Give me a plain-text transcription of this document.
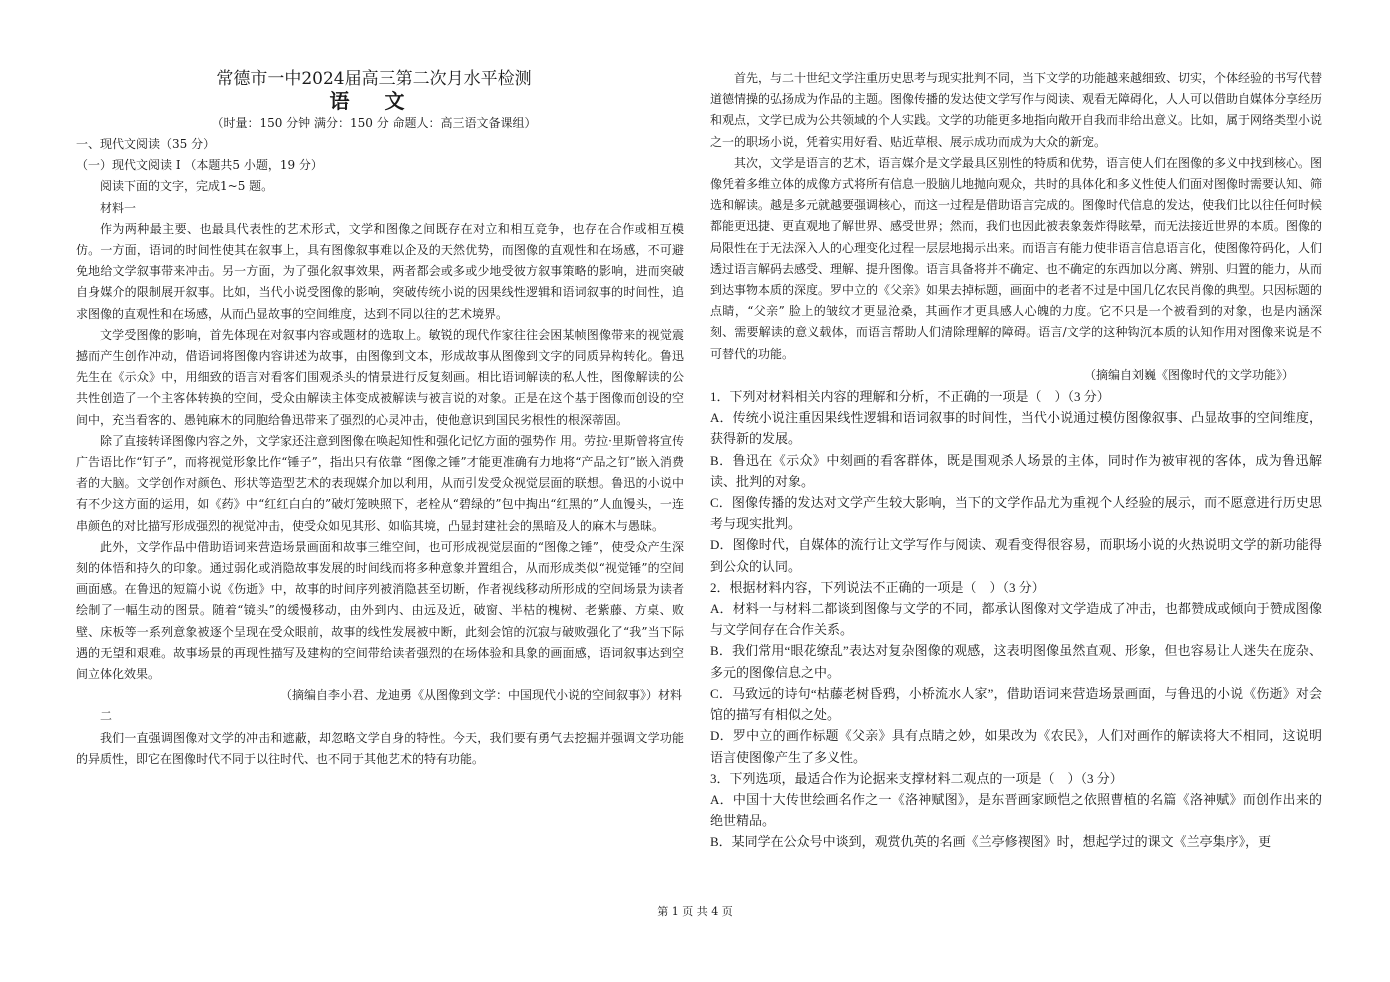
常德市一中2024届高三第二次月水平检测

语 文

（时量：150 分钟 满分：150 分 命题人：高三语文备课组）

一、现代文阅读（35 分）

（一）现代文阅读 I （本题共5 小题，19 分）

阅读下面的文字，完成1~5 题。

材料一

作为两种最主要、也最具代表性的艺术形式，文学和图像之间既存在对立和相互竞争，也存在合作或相互模仿。一方面，语词的时间性使其在叙事上，具有图像叙事难以企及的天然优势，而图像的直观性和在场感，不可避免地给文学叙事带来冲击。另一方面，为了强化叙事效果，两者都会或多或少地受彼方叙事策略的影响，进而突破自身媒介的限制展开叙事。比如，当代小说受图像的影响，突破传统小说的因果线性逻辑和语词叙事的时间性，追求图像的直观性和在场感，从而凸显故事的空间维度，达到不同以往的艺术境界。

文学受图像的影响，首先体现在对叙事内容或题材的选取上。敏锐的现代作家往往会困某帧图像带来的视觉震撼而产生创作冲动，借语词将图像内容讲述为故事，由图像到文本，形成故事从图像到文字的同质异构转化。鲁迅先生在《示众》中，用细致的语言对看客们围观杀头的情景进行反复刻画。相比语词解读的私人性，图像解读的公共性创造了一个主客体转换的空间，受众由解读主体变成被解读与被言说的对象。正是在这个基于图像而创设的空间中，充当看客的、愚钝麻木的同胞给鲁迅带来了强烈的心灵冲击，使他意识到国民劣根性的根深蒂固。

除了直接转译图像内容之外，文学家还注意到图像在唤起知性和强化记忆方面的强势作 用。劳拉·里斯曾将宣传广告语比作“钉子”，而将视觉形象比作“锤子”，指出只有依靠 “图像之锤”才能更准确有力地将“产品之钉”嵌入消费者的大脑。文学创作对颜色、形状等造型艺术的表现媒介加以利用，从而引发受众视觉层面的联想。鲁迅的小说中有不少这方面的运用，如《药》中“红红白白的”破灯笼映照下，老栓从“碧绿的”包中掏出“红黑的”人血馒头，一连串颜色的对比描写形成强烈的视觉冲击，使受众如见其形、如临其境，凸显封建社会的黑暗及人的麻木与愚昧。

此外，文学作品中借助语词来营造场景画面和故事三维空间，也可形成视觉层面的“图像之锤”，使受众产生深刻的体悟和持久的印象。通过弱化或消隐故事发展的时间线而将多种意象并置组合，从而形成类似“视觉锤”的空间画面感。在鲁迅的短篇小说《伤逝》中，故事的时间序列被消隐甚至切断，作者视线移动所形成的空间场景为读者绘制了一幅生动的图景。随着“镜头”的缓慢移动，由外到内、由远及近，破窗、半枯的槐树、老紫藤、方桌、败壁、床板等一系列意象被逐个呈现在受众眼前，故事的线性发展被中断，此刻会馆的沉寂与破败强化了“我”当下际遇的无望和艰难。故事场景的再现性描写及建构的空间带给读者强烈的在场体验和具象的画面感，语词叙事达到空间立体化效果。

（摘编自李小君、龙迪勇《从图像到文学：中国现代小说的空间叙事》）材料

二

我们一直强调图像对文学的冲击和遮蔽，却忽略文学自身的特性。今天，我们要有勇气去挖掘并强调文学功能的异质性，即它在图像时代不同于以往时代、也不同于其他艺术的特有功能。

首先，与二十世纪文学注重历史思考与现实批判不同，当下文学的功能越来越细致、切实，个体经验的书写代替道德情操的弘扬成为作品的主题。图像传播的发达使文学写作与阅读、观看无障碍化，人人可以借助自媒体分享经历和观点，文学已成为公共领域的个人实践。文学的功能更多地指向敞开自我而非给出意义。比如，属于网络类型小说之一的职场小说，凭着实用好看、贴近草根、展示成功而成为大众的新宠。

其次，文学是语言的艺术，语言媒介是文学最具区别性的特质和优势，语言使人们在图像的多义中找到核心。图像凭着多维立体的成像方式将所有信息一股脑儿地抛向观众，共时的具体化和多义性使人们面对图像时需要认知、筛选和解读。越是多元就越要强调核心，而这一过程是借助语言完成的。图像时代信息的发达，使我们比以往任何时候都能更迅捷、更直观地了解世界、感受世界；然而，我们也因此被表象轰炸得眩晕，而无法接近世界的本质。图像的局限性在于无法深入人的心理变化过程一层层地揭示出来。而语言有能力使非语言信息语言化，使图像符码化，人们透过语言解码去感受、理解、提升图像。语言具备将并不确定、也不确定的东西加以分离、辨别、归置的能力，从而到达事物本质的深度。罗中立的《父亲》如果去掉标题，画面中的老者不过是中国几亿农民肖像的典型。只因标题的点睛，“父亲” 脸上的皱纹才更显沧桑，其画作才更具感人心魄的力度。它不只是一个被看到的对象，也是内涵深刻、需要解读的意义载体，而语言帮助人们清除理解的障碍。语言/文学的这种钩沉本质的认知作用对图像来说是不可替代的功能。

（摘编自刘巍《图像时代的文学功能》）

1．下列对材料相关内容的理解和分析，不正确的一项是（　）（3 分）

A．传统小说注重因果线性逻辑和语词叙事的时间性，当代小说通过模仿图像叙事、凸显故事的空间维度，获得新的发展。

B．鲁迅在《示众》中刻画的看客群体，既是围观杀人场景的主体，同时作为被审视的客体，成为鲁迅解读、批判的对象。

C．图像传播的发达对文学产生较大影响，当下的文学作品尤为重视个人经验的展示，而不愿意进行历史思考与现实批判。

D．图像时代，自媒体的流行让文学写作与阅读、观看变得很容易，而职场小说的火热说明文学的新功能得到公众的认同。

2．根据材料内容，下列说法不正确的一项是（　）（3 分）

A．材料一与材料二都谈到图像与文学的不同，都承认图像对文学造成了冲击，也都赞成或倾向于赞成图像与文学间存在合作关系。

B．我们常用“眼花缭乱”表达对复杂图像的观感，这表明图像虽然直观、形象，但也容易让人迷失在庞杂、多元的图像信息之中。

C．马致远的诗句“枯藤老树昏鸦，小桥流水人家”，借助语词来营造场景画面，与鲁迅的小说《伤逝》对会馆的描写有相似之处。

D．罗中立的画作标题《父亲》具有点睛之妙，如果改为《农民》，人们对画作的解读将大不相同，这说明语言使图像产生了多义性。

3．下列选项，最适合作为论据来支撑材料二观点的一项是（　）（3 分）

A．中国十大传世绘画名作之一《洛神赋图》，是东晋画家顾恺之依照曹植的名篇《洛神赋》而创作出来的绝世精品。

B．某同学在公众号中谈到，观赏仇英的名画《兰亭修禊图》时，想起学过的课文《兰亭集序》，更

第 1 页 共 4 页
